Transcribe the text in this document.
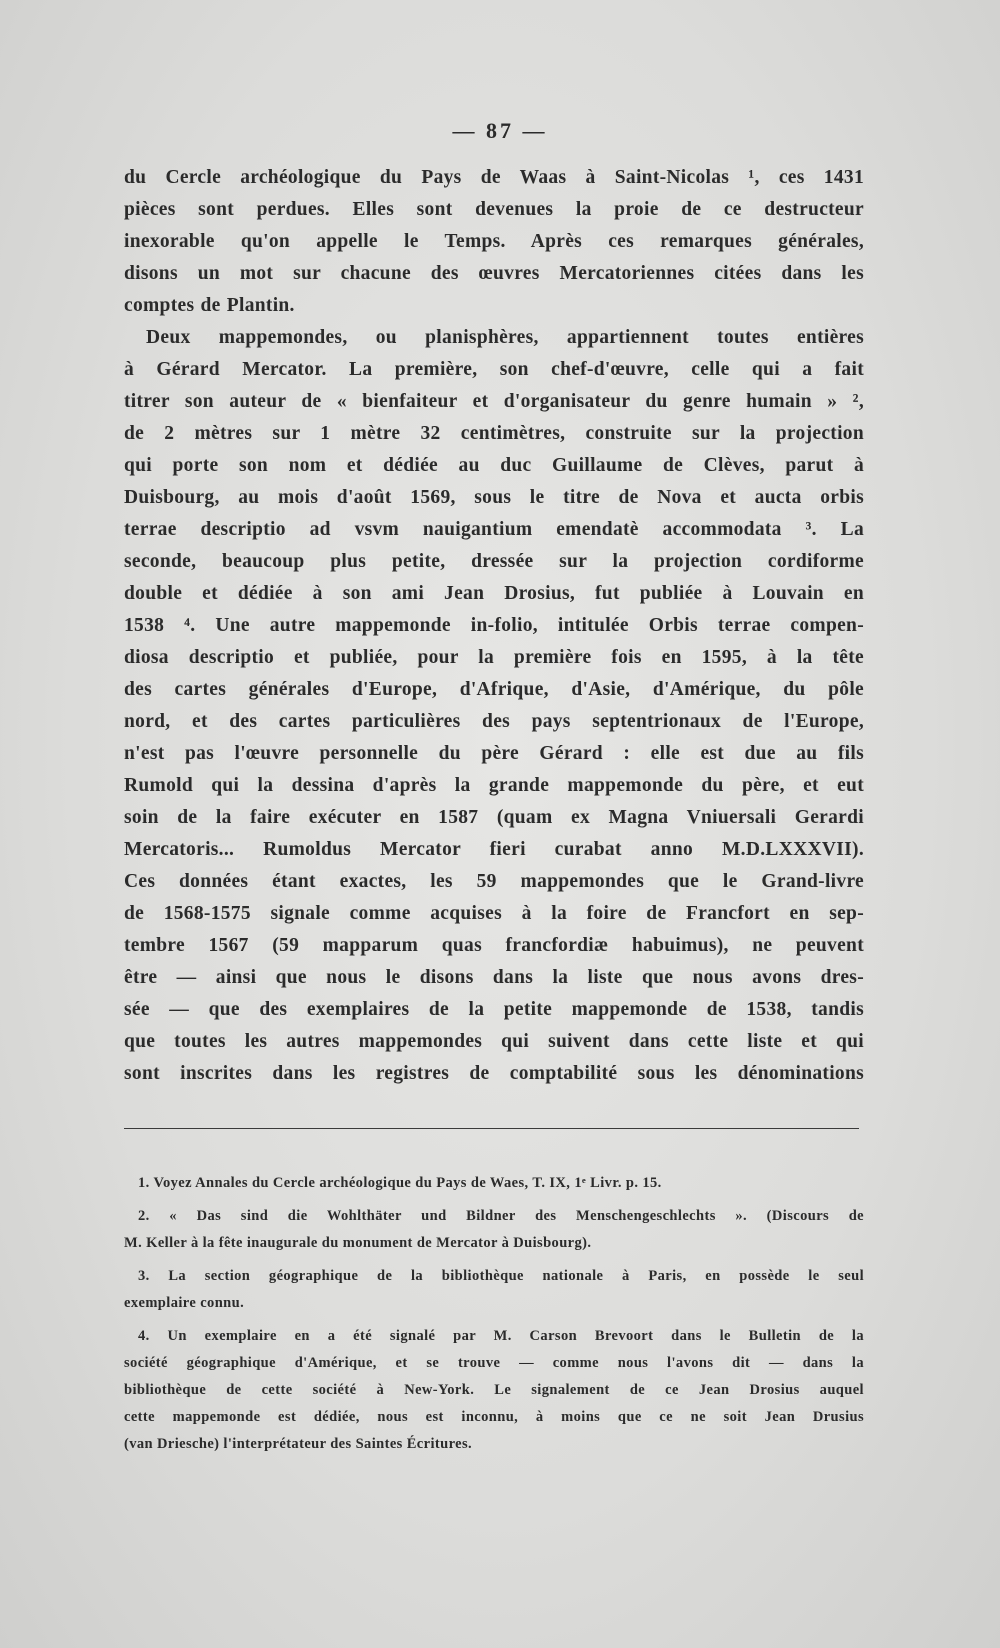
— 87 —
du Cercle archéologique du Pays de Waas à Saint-Nicolas ¹, ces 1431
pièces sont perdues. Elles sont devenues la proie de ce destructeur
inexorable qu'on appelle le Temps. Après ces remarques générales,
disons un mot sur chacune des œuvres Mercatoriennes citées dans les
comptes de Plantin.
Deux mappemondes, ou planisphères, appartiennent toutes entières
à Gérard Mercator. La première, son chef-d'œuvre, celle qui a fait
titrer son auteur de « bienfaiteur et d'organisateur du genre humain » ²,
de 2 mètres sur 1 mètre 32 centimètres, construite sur la projection
qui porte son nom et dédiée au duc Guillaume de Clèves, parut à
Duisbourg, au mois d'août 1569, sous le titre de Nova et aucta orbis
terrae descriptio ad vsvm nauigantium emendatè accommodata ³. La
seconde, beaucoup plus petite, dressée sur la projection cordiforme
double et dédiée à son ami Jean Drosius, fut publiée à Louvain en
1538 ⁴. Une autre mappemonde in-folio, intitulée Orbis terrae compen-
diosa descriptio et publiée, pour la première fois en 1595, à la tête
des cartes générales d'Europe, d'Afrique, d'Asie, d'Amérique, du pôle
nord, et des cartes particulières des pays septentrionaux de l'Europe,
n'est pas l'œuvre personnelle du père Gérard : elle est due au fils
Rumold qui la dessina d'après la grande mappemonde du père, et eut
soin de la faire exécuter en 1587 (quam ex Magna Vniuersali Gerardi
Mercatoris... Rumoldus Mercator fieri curabat anno M.D.LXXXVII).
Ces données étant exactes, les 59 mappemondes que le Grand-livre
de 1568-1575 signale comme acquises à la foire de Francfort en sep-
tembre 1567 (59 mapparum quas francfordiæ habuimus), ne peuvent
être — ainsi que nous le disons dans la liste que nous avons dres-
sée — que des exemplaires de la petite mappemonde de 1538, tandis
que toutes les autres mappemondes qui suivent dans cette liste et qui
sont inscrites dans les registres de comptabilité sous les dénominations
1. Voyez Annales du Cercle archéologique du Pays de Waes, T. IX, 1ᵉ Livr. p. 15.
2. « Das sind die Wohlthäter und Bildner des Menschengeschlechts ». (Discours de
M. Keller à la fête inaugurale du monument de Mercator à Duisbourg).
3. La section géographique de la bibliothèque nationale à Paris, en possède le seul
exemplaire connu.
4. Un exemplaire en a été signalé par M. Carson Brevoort dans le Bulletin de la
société géographique d'Amérique, et se trouve — comme nous l'avons dit — dans la
bibliothèque de cette société à New-York. Le signalement de ce Jean Drosius auquel
cette mappemonde est dédiée, nous est inconnu, à moins que ce ne soit Jean Drusius
(van Driesche) l'interprétateur des Saintes Écritures.
